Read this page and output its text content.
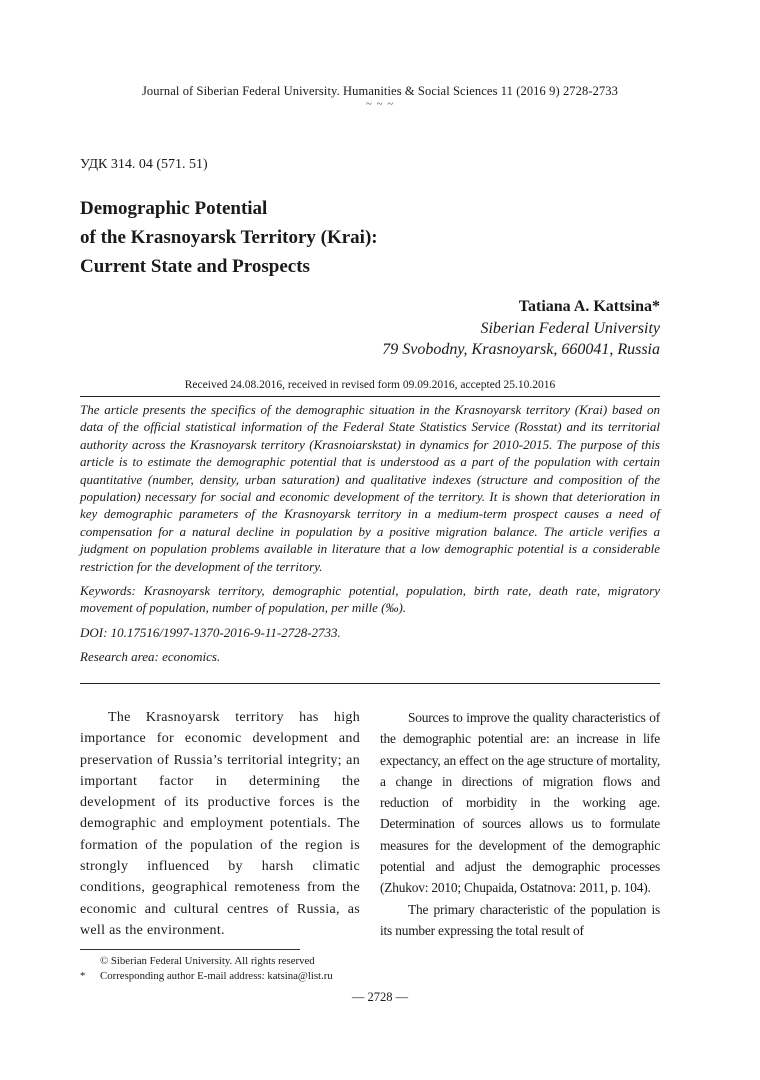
Journal of Siberian Federal University. Humanities & Social Sciences 11 (2016 9) 2728-2733
~ ~ ~
УДК 314. 04 (571. 51)
Demographic Potential
of the Krasnoyarsk Territory (Krai):
Current State and Prospects
Tatiana A. Kattsina*
Siberian Federal University
79 Svobodny, Krasnoyarsk, 660041, Russia
Received 24.08.2016, received in revised form 09.09.2016, accepted 25.10.2016

The article presents the specifics of the demographic situation in the Krasnoyarsk territory (Krai) based on data of the official statistical information of the Federal State Statistics Service (Rosstat) and its territorial authority across the Krasnoyarsk territory (Krasnoiarskstat) in dynamics for 2010-2015. The purpose of this article is to estimate the demographic potential that is understood as a part of the population with certain quantitative (number, density, urban saturation) and qualitative indexes (structure and composition of the population) necessary for social and economic development of the territory. It is shown that deterioration in key demographic parameters of the Krasnoyarsk territory in a medium-term prospect causes a need of compensation for a natural decline in population by a positive migration balance. The article verifies a judgment on population problems available in literature that a low demographic potential is a considerable restriction for the development of the territory.

Keywords: Krasnoyarsk territory, demographic potential, population, birth rate, death rate, migratory movement of population, number of population, per mille (‰).

DOI: 10.17516/1997-1370-2016-9-11-2728-2733.

Research area: economics.

The Krasnoyarsk territory has high importance for economic development and preservation of Russia’s territorial integrity; an important factor in determining the development of its productive forces is the demographic and employment potentials. The formation of the population of the region is strongly influenced by harsh climatic conditions, geographical remoteness from the economic and cultural centres of Russia, as well as the environment.

Sources to improve the quality characteristics of the demographic potential are: an increase in life expectancy, an effect on the age structure of mortality, a change in directions of migration flows and reduction of morbidity in the working age. Determination of sources allows us to formulate measures for the development of the demographic potential and adjust the demographic processes (Zhukov: 2010; Chupaida, Ostatnova: 2011, p. 104).

The primary characteristic of the population is its number expressing the total result of

© Siberian Federal University. All rights reserved
* Corresponding author E-mail address: katsina@list.ru
— 2728 —
